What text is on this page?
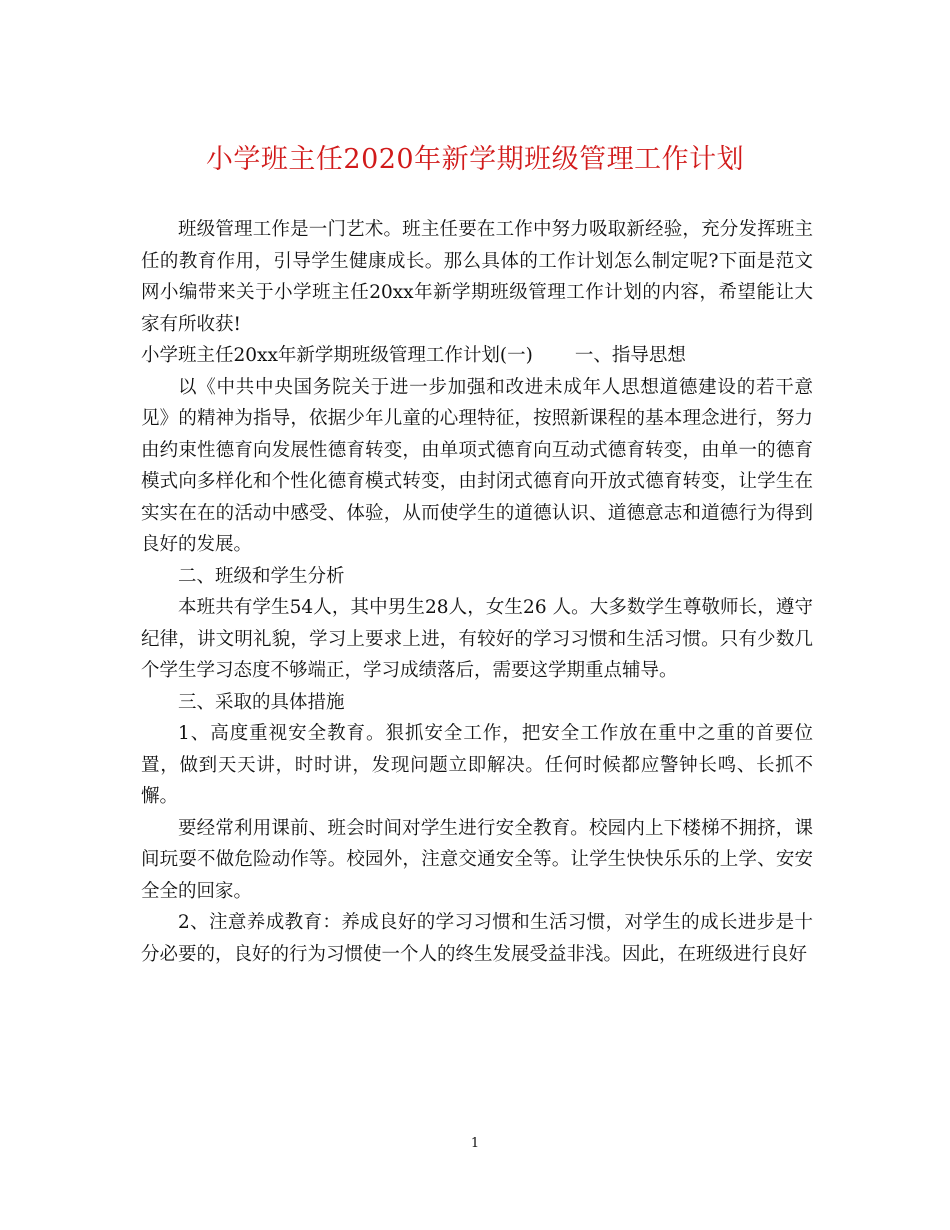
小学班主任2020年新学期班级管理工作计划

班级管理工作是一门艺术。班主任要在工作中努力吸取新经验，充分发挥班主任的教育作用，引导学生健康成长。那么具体的工作计划怎么制定呢?下面是范文网小编带来关于小学班主任20xx年新学期班级管理工作计划的内容，希望能让大家有所收获!

小学班主任20xx年新学期班级管理工作计划(一) 一、指导思想

以《中共中央国务院关于进一步加强和改进未成年人思想道德建设的若干意见》的精神为指导，依据少年儿童的心理特征，按照新课程的基本理念进行，努力由约束性德育向发展性德育转变，由单项式德育向互动式德育转变，由单一的德育模式向多样化和个性化德育模式转变，由封闭式德育向开放式德育转变，让学生在实实在在的活动中感受、体验，从而使学生的道德认识、道德意志和道德行为得到良好的发展。

二、班级和学生分析

本班共有学生54人，其中男生28人，女生26 人。大多数学生尊敬师长，遵守纪律，讲文明礼貌，学习上要求上进，有较好的学习习惯和生活习惯。只有少数几个学生学习态度不够端正，学习成绩落后，需要这学期重点辅导。

三、采取的具体措施

1、高度重视安全教育。狠抓安全工作，把安全工作放在重中之重的首要位置，做到天天讲，时时讲，发现问题立即解决。任何时候都应警钟长鸣、长抓不懈。

要经常利用课前、班会时间对学生进行安全教育。校园内上下楼梯不拥挤，课间玩耍不做危险动作等。校园外，注意交通安全等。让学生快快乐乐的上学、安安全全的回家。

2、注意养成教育：养成良好的学习习惯和生活习惯，对学生的成长进步是十分必要的，良好的行为习惯使一个人的终生发展受益非浅。因此，在班级进行良好

1
